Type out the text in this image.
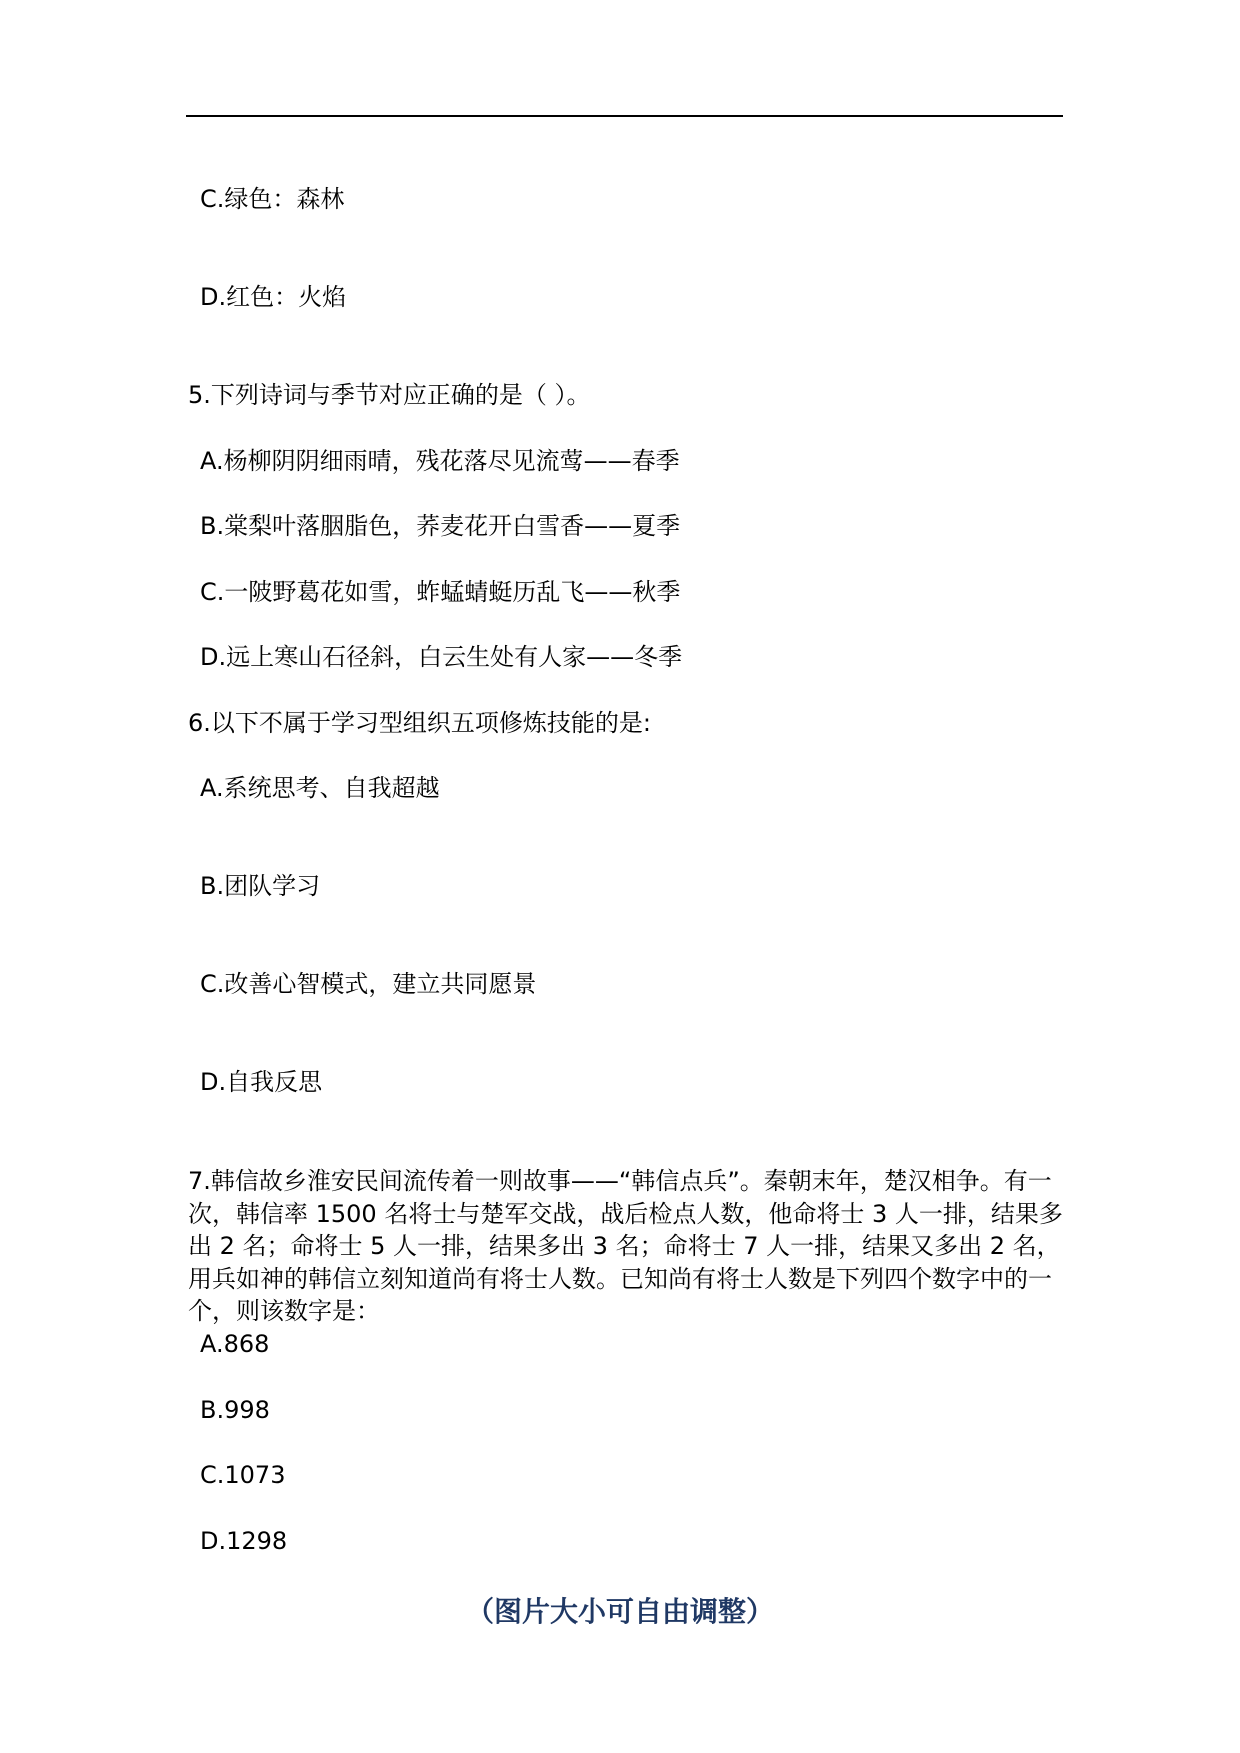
C.绿色：森林

D.红色：火焰

5.下列诗词与季节对应正确的是（ ）。

A.杨柳阴阴细雨晴，残花落尽见流莺——春季

B.棠梨叶落胭脂色，荞麦花开白雪香——夏季

C.一陂野葛花如雪，蚱蜢蜻蜓历乱飞——秋季

D.远上寒山石径斜，白云生处有人家——冬季

6.以下不属于学习型组织五项修炼技能的是:

A.系统思考、自我超越

B.团队学习

C.改善心智模式，建立共同愿景

D.自我反思

7.韩信故乡淮安民间流传着一则故事——“韩信点兵”。秦朝末年，楚汉相争。有一次，韩信率 1500 名将士与楚军交战，战后检点人数，他命将士 3 人一排，结果多出 2 名；命将士 5 人一排，结果多出 3 名；命将士 7 人一排，结果又多出 2 名，用兵如神的韩信立刻知道尚有将士人数。已知尚有将士人数是下列四个数字中的一个，则该数字是：

A.868

B.998

C.1073

D.1298

（图片大小可自由调整）
